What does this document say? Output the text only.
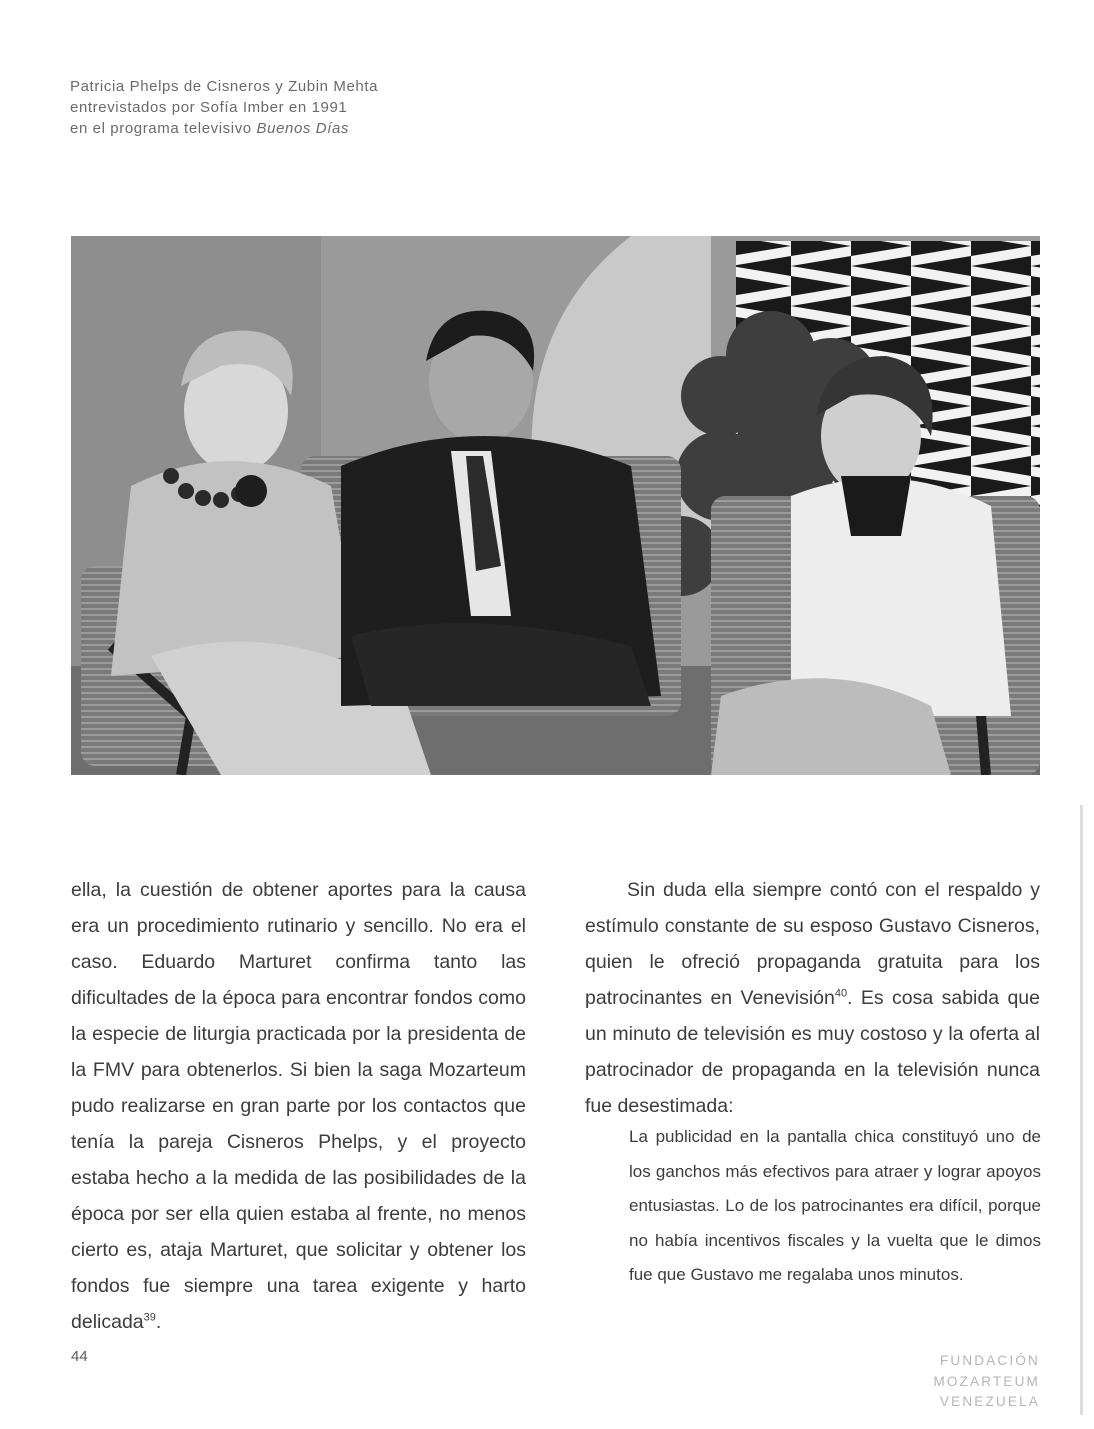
Patricia Phelps de Cisneros y Zubin Mehta
entrevistados por Sofía Imber en 1991
en el programa televisivo Buenos Días

ella, la cuestión de obtener aportes para la causa era un procedimiento rutinario y sencillo. No era el caso. Eduardo Marturet confirma tanto las dificultades de la época para encontrar fondos como la especie de liturgia practicada por la presidenta de la FMV para obtenerlos. Si bien la saga Mozarteum pudo realizarse en gran parte por los contactos que tenía la pareja Cisneros Phelps, y el proyecto estaba hecho a la medida de las posibilidades de la época por ser ella quien estaba al frente, no menos cierto es, ataja Marturet, que solicitar y obtener los fondos fue siempre una tarea exigente y harto delicada$^{39}$.

Sin duda ella siempre contó con el respaldo y estímulo constante de su esposo Gustavo Cisneros, quien le ofreció propaganda gratuita para los patrocinantes en Venevisión$^{40}$. Es cosa sabida que un minuto de televisión es muy costoso y la oferta al patrocinador de propaganda en la televisión nunca fue desestimada:

La publicidad en la pantalla chica constituyó uno de los ganchos más efectivos para atraer y lograr apoyos entusiastas. Lo de los patrocinantes era difícil, porque no había incentivos fiscales y la vuelta que le dimos fue que Gustavo me regalaba unos minutos.

44	FUNDACIÓN
MOZARTEUM
VENEZUELA
